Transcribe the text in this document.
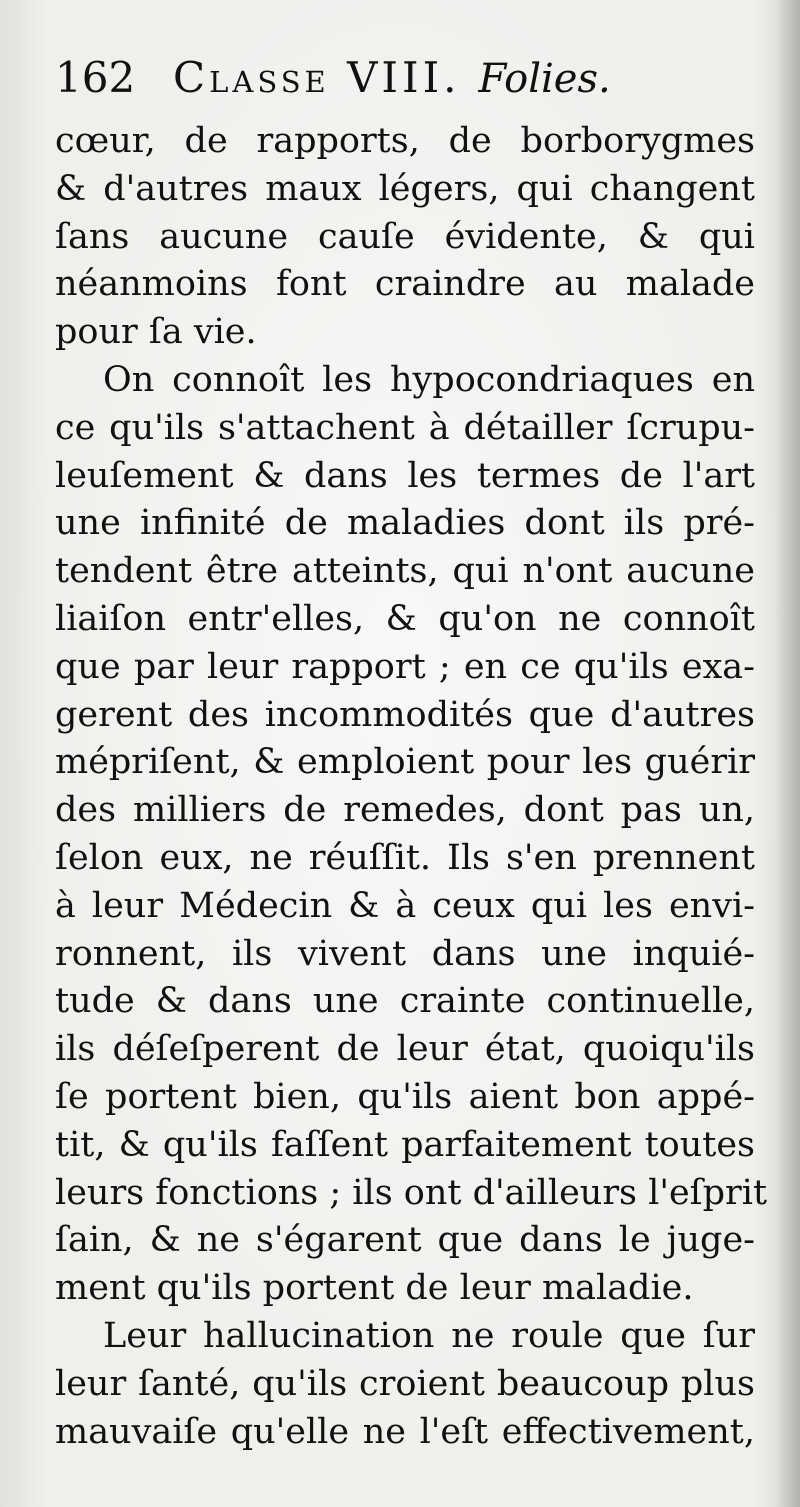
162 Classe VIII. Folies.
cœur, de rapports, de borborygmes
& d'autres maux légers, qui changent
ſans aucune cauſe évidente, & qui
néanmoins font craindre au malade
pour ſa vie.
On connoît les hypocondriaques en
ce qu'ils s'attachent à détailler ſcrupu-
leuſement & dans les termes de l'art
une infinité de maladies dont ils pré-
tendent être atteints, qui n'ont aucune
liaiſon entr'elles, & qu'on ne connoît
que par leur rapport ; en ce qu'ils exa-
gerent des incommodités que d'autres
mépriſent, & emploient pour les guérir
des milliers de remedes, dont pas un,
ſelon eux, ne réuſſit. Ils s'en prennent
à leur Médecin & à ceux qui les envi-
ronnent, ils vivent dans une inquié-
tude & dans une crainte continuelle,
ils déſeſperent de leur état, quoiqu'ils
ſe portent bien, qu'ils aient bon appé-
tit, & qu'ils faſſent parfaitement toutes
leurs fonctions ; ils ont d'ailleurs l'eſprit
ſain, & ne s'égarent que dans le juge-
ment qu'ils portent de leur maladie.
Leur hallucination ne roule que ſur
leur ſanté, qu'ils croient beaucoup plus
mauvaiſe qu'elle ne l'eſt effectivement,
